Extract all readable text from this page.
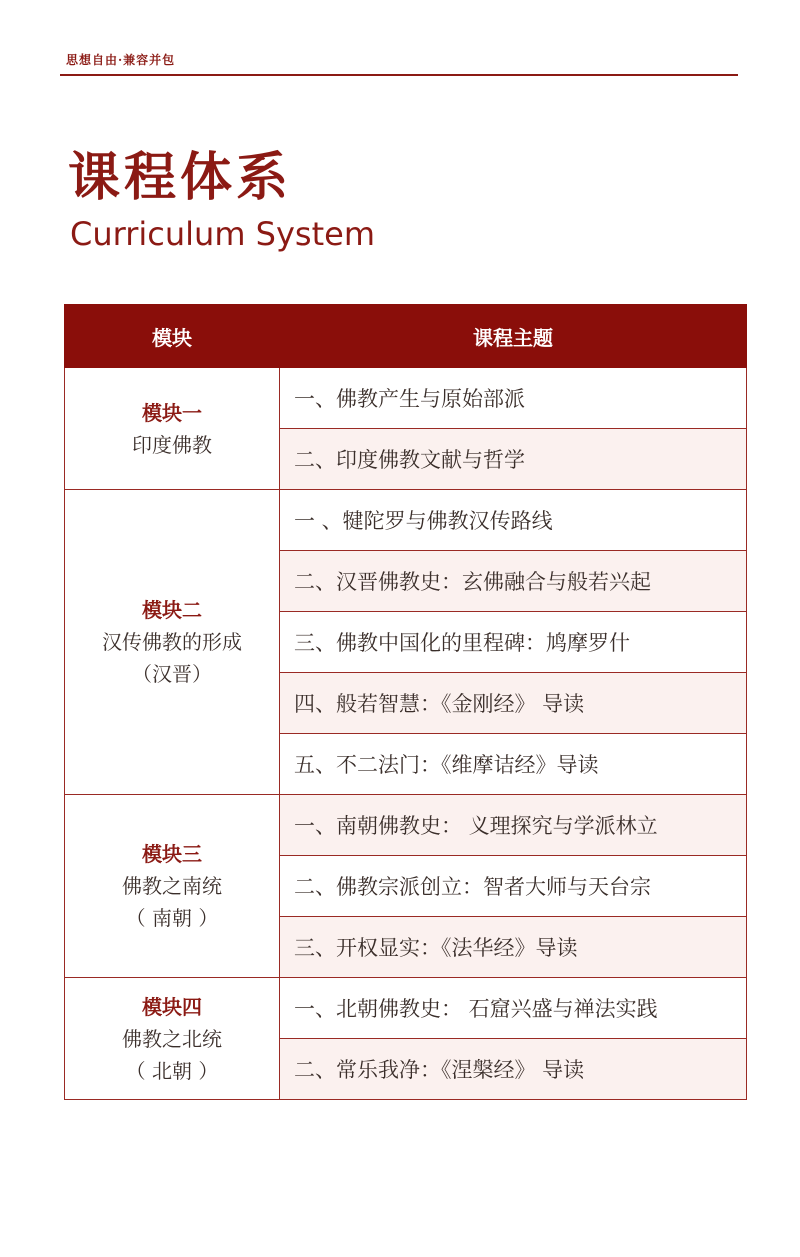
思想自由·兼容并包
课程体系
Curriculum System
模块	课程主题

模块一
印度佛教	一、佛教产生与原始部派
	二、印度佛教文献与哲学

模块二
汉传佛教的形成
（汉晋）	一 、犍陀罗与佛教汉传路线
	二、汉晋佛教史：玄佛融合与般若兴起
	三、佛教中国化的里程碑：鸠摩罗什
	四、般若智慧：《金刚经》 导读
	五、不二法门：《维摩诘经》导读

模块三
佛教之南统
（ 南朝 ）	一、南朝佛教史： 义理探究与学派林立
	二、佛教宗派创立：智者大师与天台宗
	三、开权显实：《法华经》导读

模块四
佛教之北统
（ 北朝 ）	一、北朝佛教史： 石窟兴盛与禅法实践
	二、常乐我净：《涅槃经》 导读
